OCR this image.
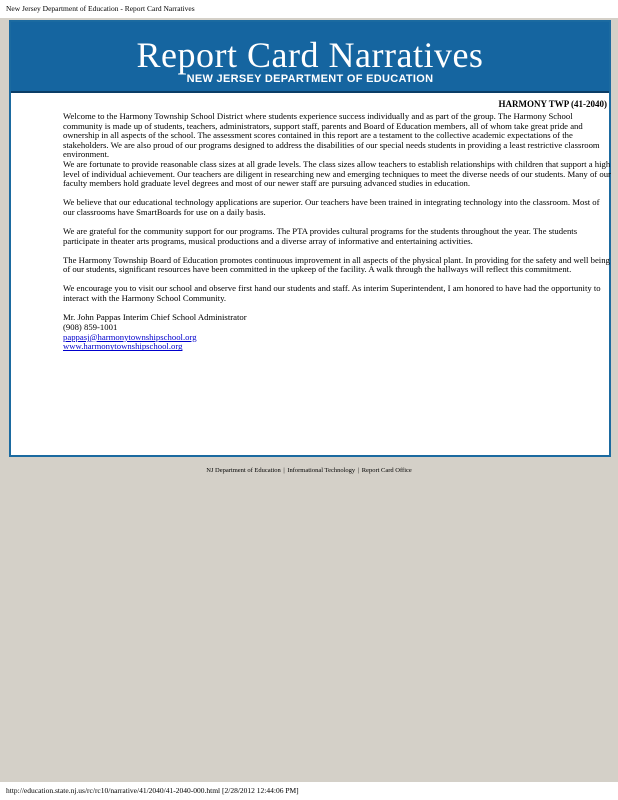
New Jersey Department of Education - Report Card Narratives
Report Card Narratives
NEW JERSEY DEPARTMENT OF EDUCATION
HARMONY TWP (41-2040)

Welcome to the Harmony Township School District where students experience success individually and as part of the group. The Harmony School community is made up of students, teachers, administrators, support staff, parents and Board of Education members, all of whom take great pride and ownership in all aspects of the school. The assessment scores contained in this report are a testament to the collective academic expectations of the stakeholders. We are also proud of our programs designed to address the disabilities of our special needs students in providing a least restrictive classroom environment.

We are fortunate to provide reasonable class sizes at all grade levels. The class sizes allow teachers to establish relationships with children that support a high level of individual achievement. Our teachers are diligent in researching new and emerging techniques to meet the diverse needs of our students. Many of our faculty members hold graduate level degrees and most of our newer staff are pursuing advanced studies in education.

We believe that our educational technology applications are superior. Our teachers have been trained in integrating technology into the classroom. Most of our classrooms have SmartBoards for use on a daily basis.

We are grateful for the community support for our programs. The PTA provides cultural programs for the students throughout the year. The students participate in theater arts programs, musical productions and a diverse array of informative and entertaining activities.

The Harmony Township Board of Education promotes continuous improvement in all aspects of the physical plant. In providing for the safety and well being of our students, significant resources have been committed in the upkeep of the facility. A walk through the hallways will reflect this commitment.

We encourage you to visit our school and observe first hand our students and staff. As interim Superintendent, I am honored to have had the opportunity to interact with the Harmony School Community.

Mr. John Pappas Interim Chief School Administrator
(908) 859-1001
pappasj@harmonytownshipschool.org
www.harmonytownshipschool.org
NJ Department of Education | Informational Technology | Report Card Office
http://education.state.nj.us/rc/rc10/narrative/41/2040/41-2040-000.html [2/28/2012 12:44:06 PM]
